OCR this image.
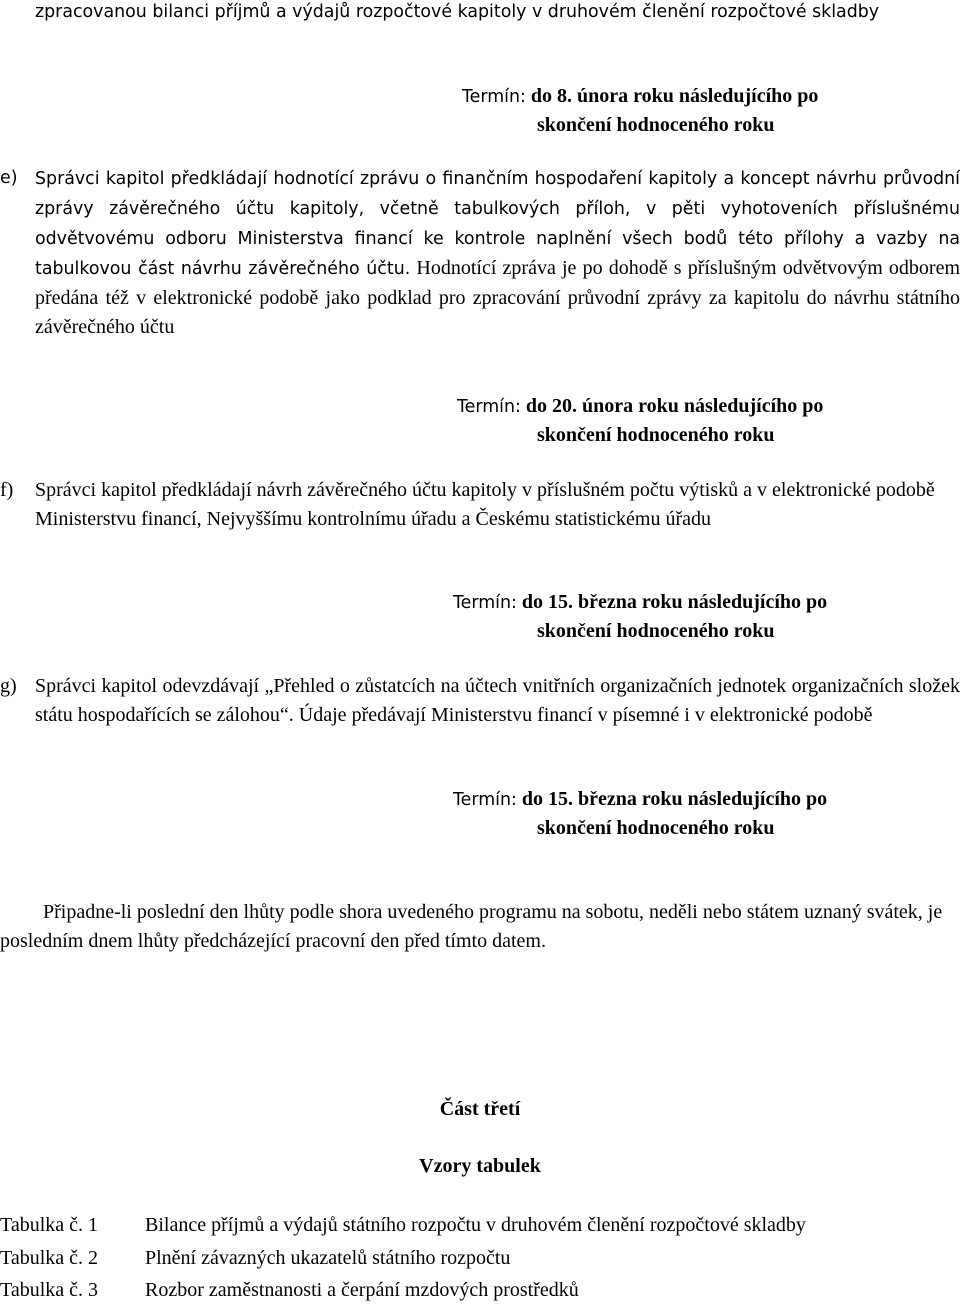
zpracovanou bilanci příjmů a výdajů rozpočtové kapitoly v druhovém členění rozpočtové skladby
Termín: do 8. února roku následujícího po
skončení hodnoceného roku
e) Správci kapitol předkládají hodnotící zprávu o finančním hospodaření kapitoly a koncept návrhu průvodní zprávy závěrečného účtu kapitoly, včetně tabulkových příloh, v pěti vyhotoveních příslušnému odvětvovému odboru Ministerstva financí ke kontrole naplnění všech bodů této přílohy a vazby na tabulkovou část návrhu závěrečného účtu. Hodnotící zpráva je po dohodě s příslušným odvětvovým odborem předána též v elektronické podobě jako podklad pro zpracování průvodní zprávy za kapitolu do návrhu státního závěrečného účtu
Termín: do 20. února roku následujícího po
skončení hodnoceného roku
f) Správci kapitol předkládají návrh závěrečného účtu kapitoly v příslušném počtu výtisků a v elektronické podobě Ministerstvu financí, Nejvyššímu kontrolnímu úřadu a Českému statistickému úřadu
Termín: do 15. března roku následujícího po
skončení hodnoceného roku
g) Správci kapitol odevzdávají „Přehled o zůstatcích na účtech vnitřních organizačních jednotek organizačních složek státu hospodařících se zálohou“. Údaje předávají Ministerstvu financí v písemné i v elektronické podobě
Termín: do 15. března roku následujícího po
skončení hodnoceného roku
Připadne-li poslední den lhůty podle shora uvedeného programu na sobotu, neděli nebo státem uznaný svátek, je posledním dnem lhůty předcházející pracovní den před tímto datem.
Část třetí
Vzory tabulek
Tabulka č. 1 Bilance příjmů a výdajů státního rozpočtu v druhovém členění rozpočtové skladby
Tabulka č. 2 Plnění závazných ukazatelů státního rozpočtu
Tabulka č. 3 Rozbor zaměstnanosti a čerpání mzdových prostředků
